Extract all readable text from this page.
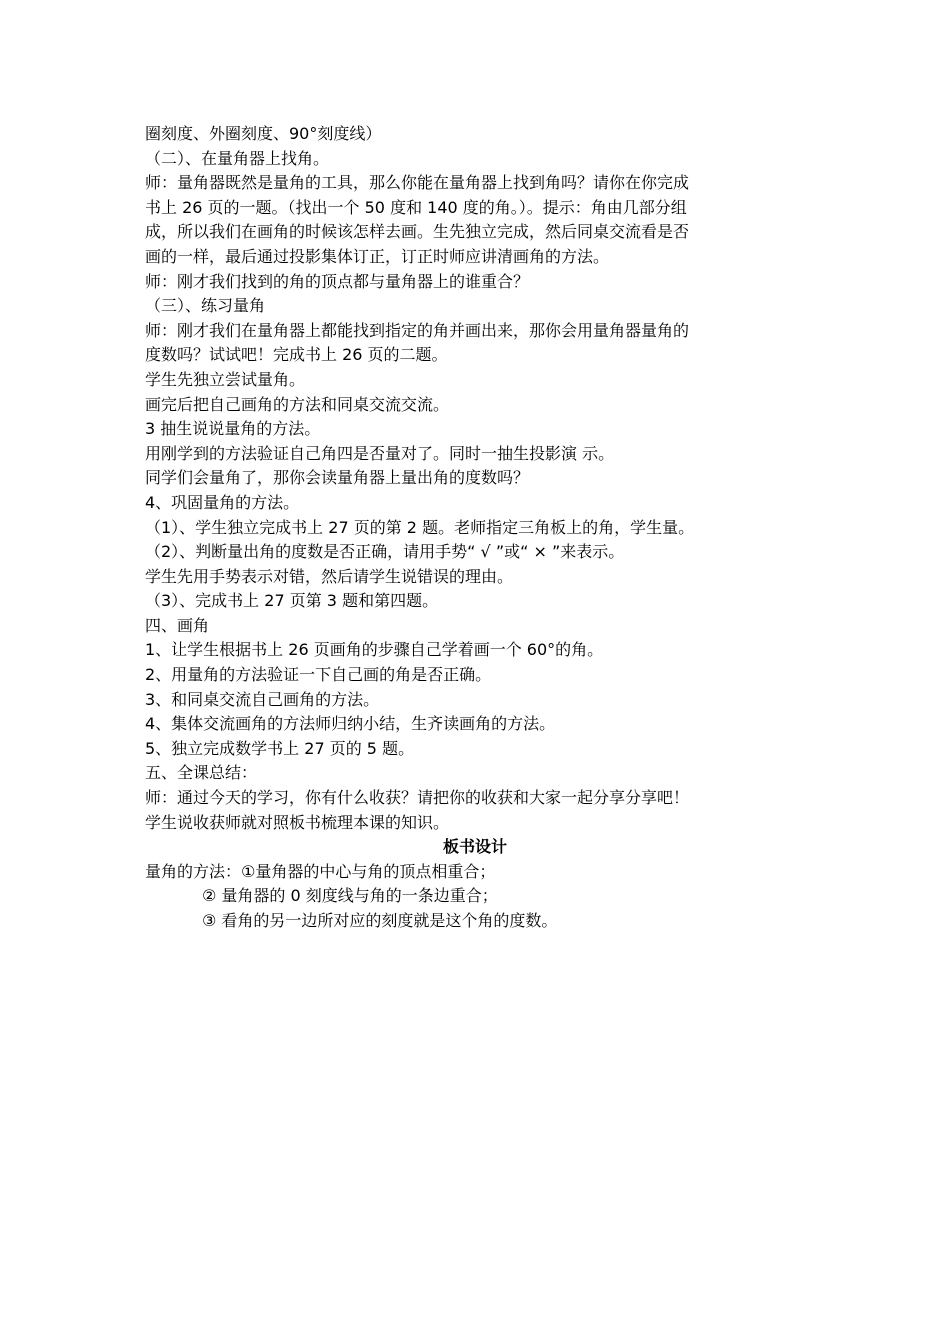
圈刻度、外圈刻度、90°刻度线）
（二）、在量角器上找角。
师：量角器既然是量角的工具，那么你能在量角器上找到角吗？请你在你完成
书上 26 页的一题。（找出一个 50 度和 140 度的角。）。提示：角由几部分组
成，所以我们在画角的时候该怎样去画。生先独立完成，然后同桌交流看是否
画的一样，最后通过投影集体订正，订正时师应讲清画角的方法。
师：刚才我们找到的角的顶点都与量角器上的谁重合？
（三）、练习量角
师：刚才我们在量角器上都能找到指定的角并画出来，那你会用量角器量角的
度数吗？试试吧！完成书上 26 页的二题。
学生先独立尝试量角。
画完后把自己画角的方法和同桌交流交流。
3 抽生说说量角的方法。
用刚学到的方法验证自己角四是否量对了。同时一抽生投影演 示。
同学们会量角了，那你会读量角器上量出角的度数吗？
4、巩固量角的方法。
（1）、学生独立完成书上 27 页的第 2 题。老师指定三角板上的角，学生量。
（2）、判断量出角的度数是否正确，请用手势“ √ ”或“ × ”来表示。
学生先用手势表示对错，然后请学生说错误的理由。
（3）、完成书上 27 页第 3 题和第四题。
四、画角
1、让学生根据书上 26 页画角的步骤自己学着画一个 60°的角。
2、用量角的方法验证一下自己画的角是否正确。
3、和同桌交流自己画角的方法。
4、集体交流画角的方法师归纳小结，生齐读画角的方法。
5、独立完成数学书上 27 页的 5 题。
五、全课总结：
师：通过今天的学习，你有什么收获？请把你的收获和大家一起分享分享吧！
学生说收获师就对照板书梳理本课的知识。
板书设计
量角的方法：①量角器的中心与角的顶点相重合；
② 量角器的 0 刻度线与角的一条边重合；
③ 看角的另一边所对应的刻度就是这个角的度数。
